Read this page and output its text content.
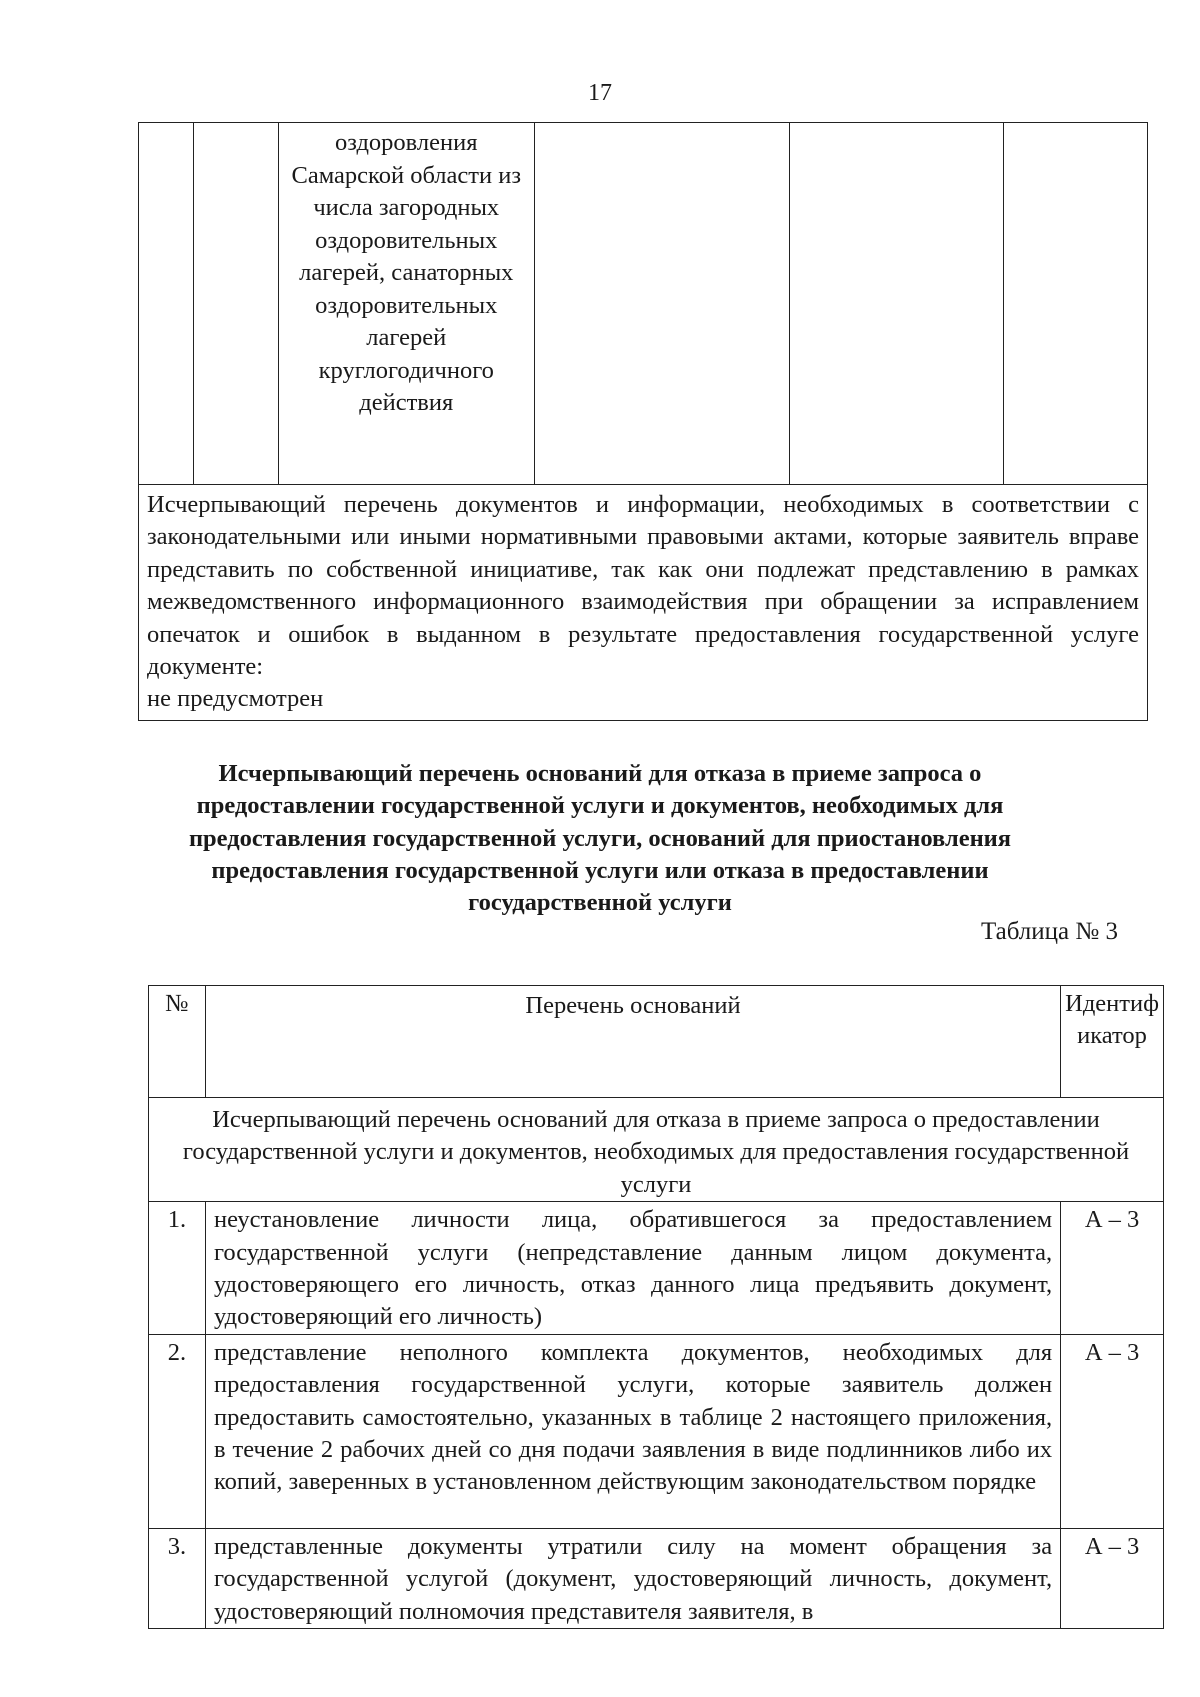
17
		оздоровления Самарской области из числа загородных оздоровительных лагерей, санаторных оздоровительных лагерей круглогодичного действия			

Исчерпывающий перечень документов и информации, необходимых в соответствии с законодательными или иными нормативными правовыми актами, которые заявитель вправе представить по собственной инициативе, так как они подлежат представлению в рамках межведомственного информационного взаимодействия при обращении за исправлением опечаток и ошибок в выданном в результате предоставления государственной услуге документе:
не предусмотрен
Исчерпывающий перечень оснований для отказа в приеме запроса о предоставлении государственной услуги и документов, необходимых для предоставления государственной услуги, оснований для приостановления предоставления государственной услуги или отказа в предоставлении государственной услуги
Таблица № 3
№	Перечень оснований	Идентификатор

Исчерпывающий перечень оснований для отказа в приеме запроса о предоставлении государственной услуги и документов, необходимых для предоставления государственной услуги		
1.	неустановление личности лица, обратившегося за предоставлением государственной услуги (непредставление данным лицом документа, удостоверяющего его личность, отказ данного лица предъявить документ, удостоверяющий его личность)	А – 3
2.	представление неполного комплекта документов, необходимых для предоставления государственной услуги, которые заявитель должен предоставить самостоятельно, указанных в таблице 2 настоящего приложения, в течение 2 рабочих дней со дня подачи заявления в виде подлинников либо их копий, заверенных в установленном действующим законодательством порядке	А – 3
3.	представленные документы утратили силу на момент обращения за государственной услугой (документ, удостоверяющий личность, документ, удостоверяющий полномочия представителя заявителя, в	А – 3
